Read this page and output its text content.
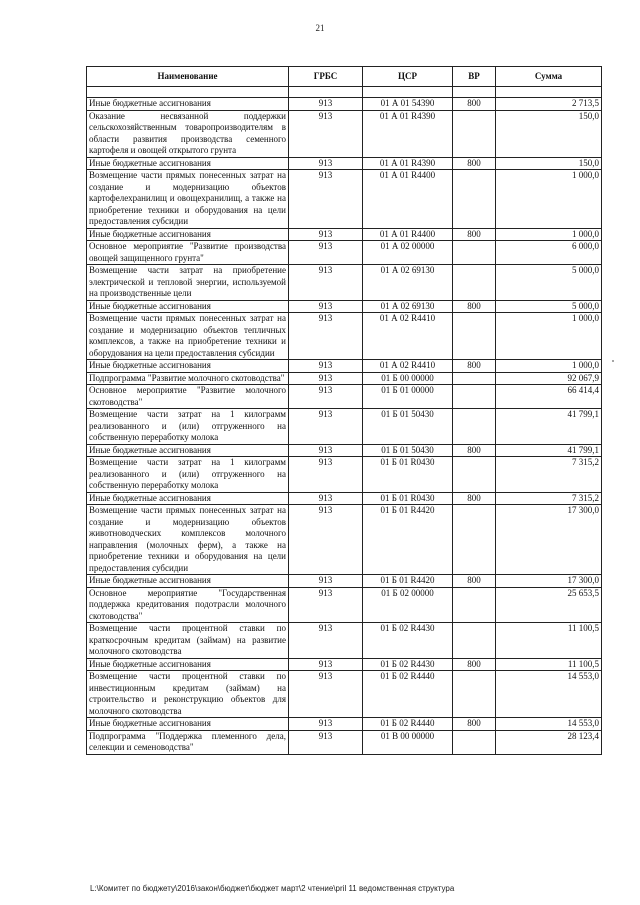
21
Наименование	ГРБС	ЦСР	ВР	Сумма

Иные бюджетные ассигнования	913	01 А 01 54390	800	2 713,5
Оказание несвязанной поддержки сельскохозяйственным товаропроизводителям в области развития производства семенного картофеля и овощей открытого грунта	913	01 А 01 R4390		150,0
Иные бюджетные ассигнования	913	01 А 01 R4390	800	150,0
Возмещение части прямых понесенных затрат на создание и модернизацию объектов картофелехранилищ и овощехранилищ, а также на приобретение техники и оборудования на цели предоставления субсидии	913	01 А 01 R4400		1 000,0
Иные бюджетные ассигнования	913	01 А 01 R4400	800	1 000,0
Основное мероприятие "Развитие производства овощей защищенного грунта"	913	01 А 02 00000		6 000,0
Возмещение части затрат на приобретение электрической и тепловой энергии, используемой на производственные цели	913	01 А 02 69130		5 000,0
Иные бюджетные ассигнования	913	01 А 02 69130	800	5 000,0
Возмещение части прямых понесенных затрат на создание и модернизацию объектов тепличных комплексов, а также на приобретение техники и оборудования на цели предоставления субсидии	913	01 А 02 R4410		1 000,0
Иные бюджетные ассигнования	913	01 А 02 R4410	800	1 000,0
Подпрограмма "Развитие молочного скотоводства"	913	01 Б 00 00000		92 067,9
Основное мероприятие "Развитие молочного скотоводства"	913	01 Б 01 00000		66 414,4
Возмещение части затрат на 1 килограмм реализованного и (или) отгруженного на собственную переработку молока	913	01 Б 01 50430		41 799,1
Иные бюджетные ассигнования	913	01 Б 01 50430	800	41 799,1
Возмещение части затрат на 1 килограмм реализованного и (или) отгруженного на собственную переработку молока	913	01 Б 01 R0430		7 315,2
Иные бюджетные ассигнования	913	01 Б 01 R0430	800	7 315,2
Возмещение части прямых понесенных затрат на создание и модернизацию объектов животноводческих комплексов молочного направления (молочных ферм), а также на приобретение техники и оборудования на цели предоставления субсидии	913	01 Б 01 R4420		17 300,0
Иные бюджетные ассигнования	913	01 Б 01 R4420	800	17 300,0
Основное мероприятие "Государственная поддержка кредитования подотрасли молочного скотоводства"	913	01 Б 02 00000		25 653,5
Возмещение части процентной ставки по краткосрочным кредитам (займам) на развитие молочного скотоводства	913	01 Б 02 R4430		11 100,5
Иные бюджетные ассигнования	913	01 Б 02 R4430	800	11 100,5
Возмещение части процентной ставки по инвестиционным кредитам (займам) на строительство и реконструкцию объектов для молочного скотоводства	913	01 Б 02 R4440		14 553,0
Иные бюджетные ассигнования	913	01 Б 02 R4440	800	14 553,0
Подпрограмма "Поддержка племенного дела, селекции и семеноводства"	913	01 В 00 00000		28 123,4
L:\Комитет по бюджету\2016\закон\бюджет\бюджет март\2 чтение\pril 11 ведомственная структура
